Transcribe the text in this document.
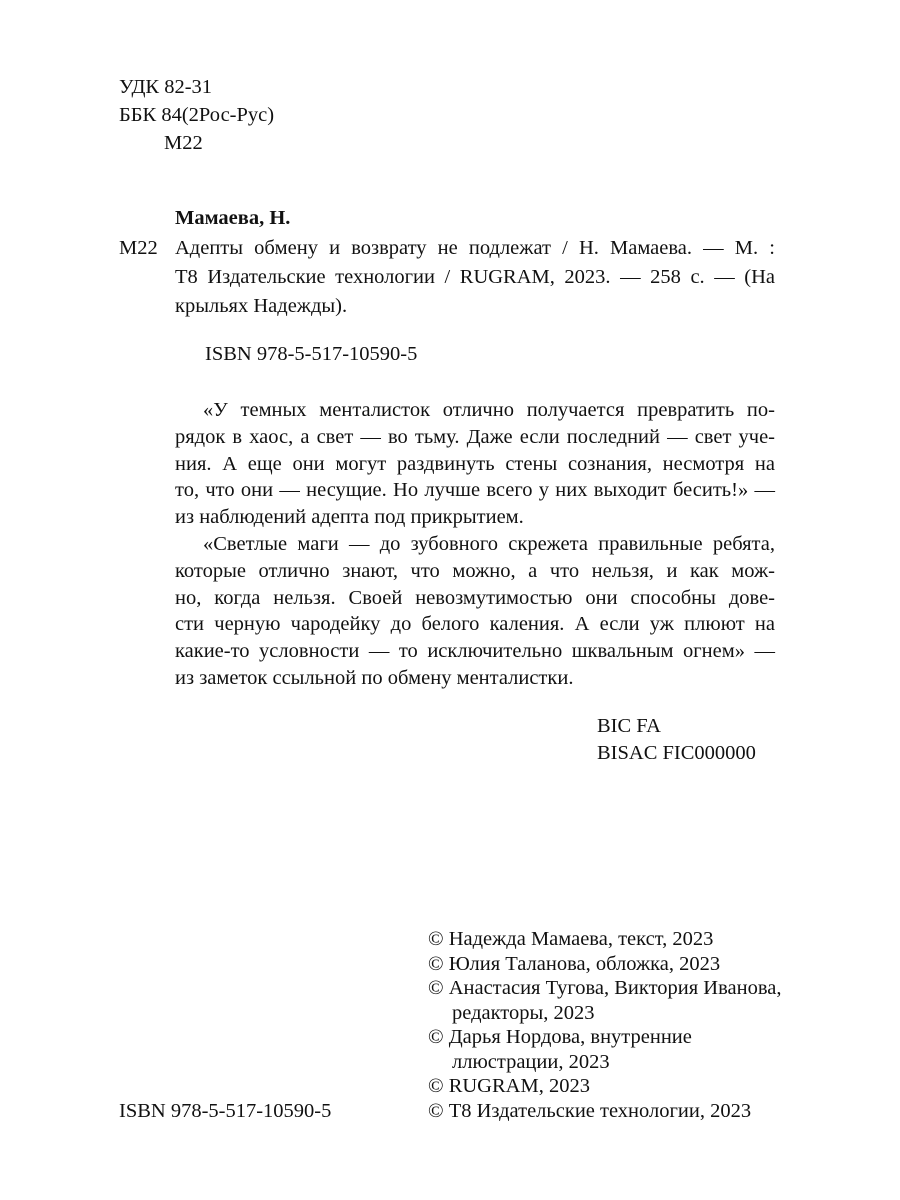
УДК 82-31
ББК 84(2Рос-Рус)
М22
Мамаева, Н.
М22 Адепты обмену и возврату не подлежат / Н. Мамаева. — М. :
Т8 Издательские технологии / RUGRAM, 2023. — 258 с. — (На
крыльях Надежды).
ISBN 978-5-517-10590-5
«У темных менталисток отлично получается превратить по-
рядок в хаос, а свет — во тьму. Даже если последний — свет уче-
ния. А еще они могут раздвинуть стены сознания, несмотря на
то, что они — несущие. Но лучше всего у них выходит бесить!» —
из наблюдений адепта под прикрытием.
«Светлые маги — до зубовного скрежета правильные ребята,
которые отлично знают, что можно, а что нельзя, и как мож-
но, когда нельзя. Своей невозмутимостью они способны дове-
сти черную чародейку до белого каления. А если уж плюют на
какие-то условности — то исключительно шквальным огнем» —
из заметок ссыльной по обмену менталистки.
BIC FA
BISAC FIC000000
© Надежда Мамаева, текст, 2023
© Юлия Таланова, обложка, 2023
© Анастасия Тугова, Виктория Иванова,
редакторы, 2023
© Дарья Нордова, внутренние
ллюстрации, 2023
© RUGRAM, 2023
© Т8 Издательские технологии, 2023
ISBN 978-5-517-10590-5
